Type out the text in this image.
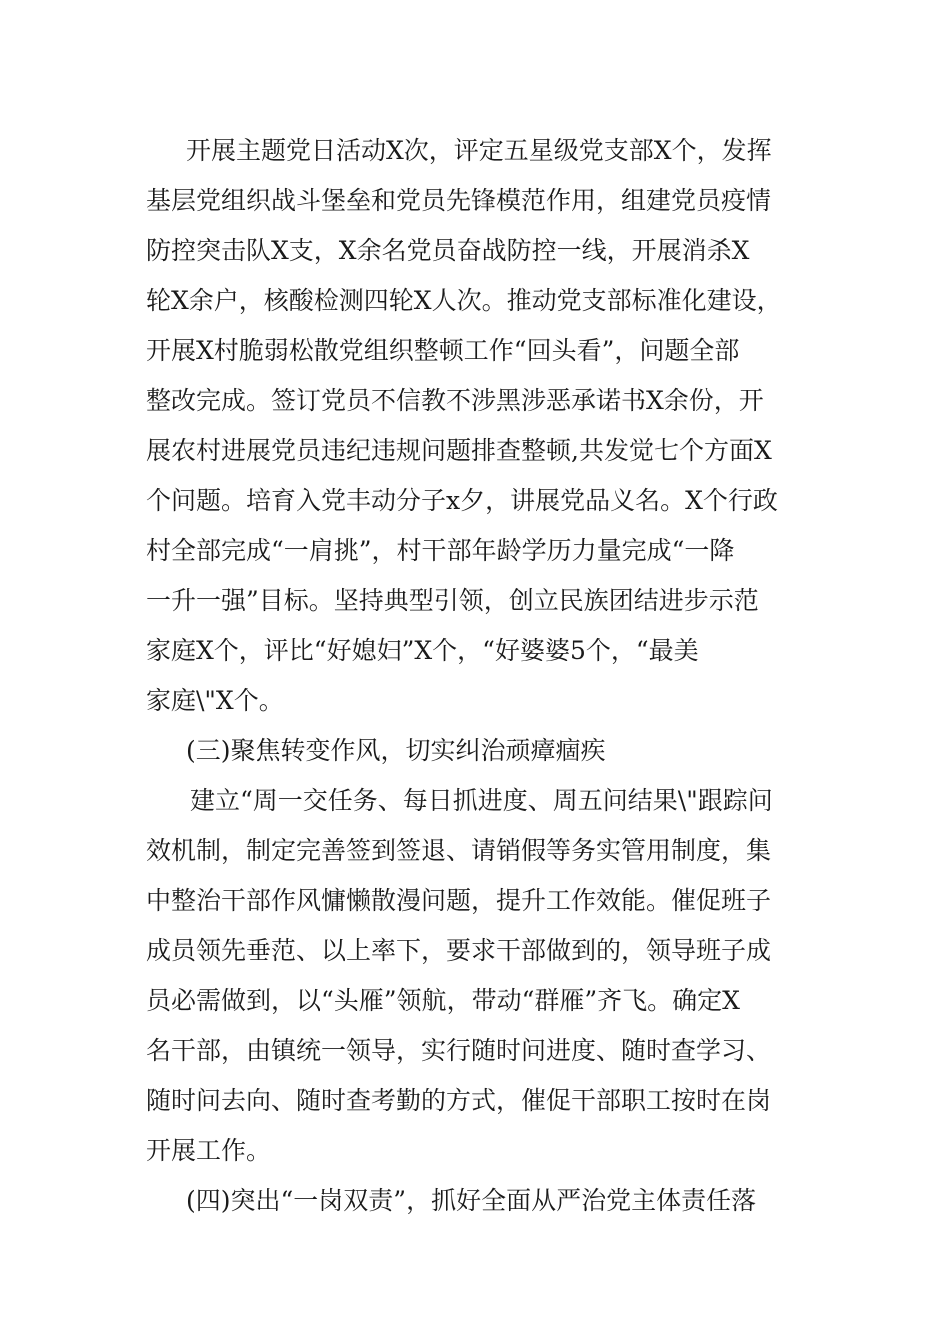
开展主题党日活动X次，评定五星级党支部X个，发挥
基层党组织战斗堡垒和党员先锋模范作用，组建党员疫情
防控突击队X支，X余名党员奋战防控一线，开展消杀X
轮X余户，核酸检测四轮X人次。推动党支部标准化建设，
开展X村脆弱松散党组织整顿工作“回头看”，问题全部
整改完成。签订党员不信教不涉黑涉恶承诺书X余份，开
展农村进展党员违纪违规问题排查整顿,共发觉七个方面X
个问题。培育入党丰动分子x夕，讲展党品义名。X个行政
村全部完成“一肩挑”，村干部年龄学历力量完成“一降
一升一强”目标。坚持典型引领，创立民族团结进步示范
家庭X个，评比“好媳妇”X个，“好婆婆5个，“最美
家庭\"X个。
(三)聚焦转变作风，切实纠治顽瘴痼疾
建立“周一交任务、每日抓进度、周五问结果\"跟踪问
效机制，制定完善签到签退、请销假等务实管用制度，集
中整治干部作风慵懒散漫问题，提升工作效能。催促班子
成员领先垂范、以上率下，要求干部做到的，领导班子成
员必需做到，以“头雁”领航，带动“群雁”齐飞。确定X
名干部，由镇统一领导，实行随时问进度、随时查学习、
随时问去向、随时查考勤的方式，催促干部职工按时在岗
开展工作。
(四)突出“一岗双责”，抓好全面从严治党主体责任落
